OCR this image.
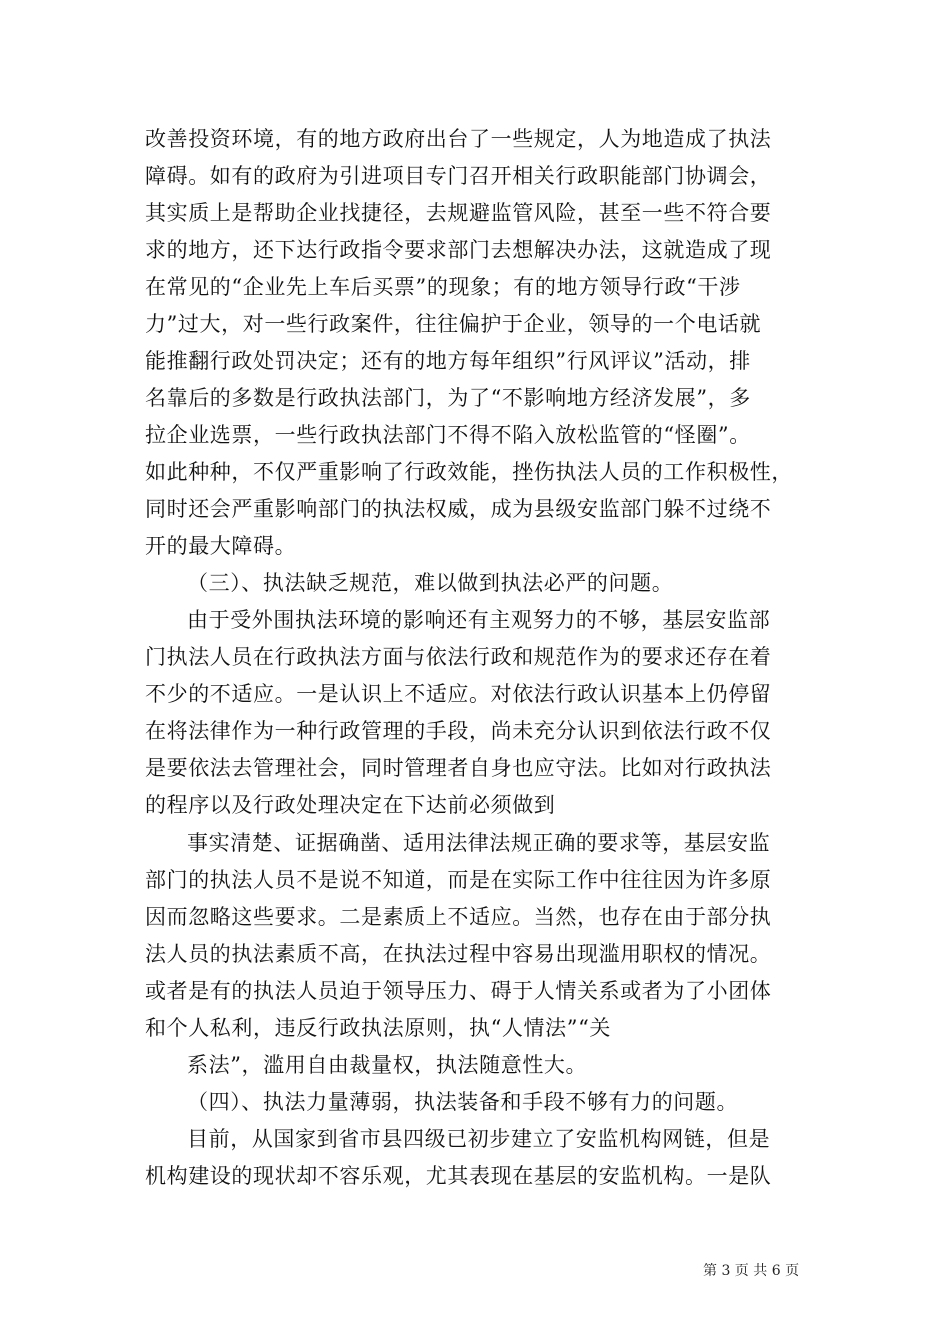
改善投资环境，有的地方政府出台了一些规定，人为地造成了执法
障碍。如有的政府为引进项目专门召开相关行政职能部门协调会，
其实质上是帮助企业找捷径，去规避监管风险，甚至一些不符合要
求的地方，还下达行政指令要求部门去想解决办法，这就造成了现
在常见的“企业先上车后买票”的现象；有的地方领导行政“干涉
力”过大，对一些行政案件，往往偏护于企业，领导的一个电话就
能推翻行政处罚决定；还有的地方每年组织”行风评议”活动，排
名靠后的多数是行政执法部门，为了“不影响地方经济发展”，多
拉企业选票，一些行政执法部门不得不陷入放松监管的“怪圈”。
如此种种，不仅严重影响了行政效能，挫伤执法人员的工作积极性，
同时还会严重影响部门的执法权威，成为县级安监部门躲不过绕不
开的最大障碍。
（三）、执法缺乏规范，难以做到执法必严的问题。
由于受外围执法环境的影响还有主观努力的不够，基层安监部
门执法人员在行政执法方面与依法行政和规范作为的要求还存在着
不少的不适应。一是认识上不适应。对依法行政认识基本上仍停留
在将法律作为一种行政管理的手段，尚未充分认识到依法行政不仅
是要依法去管理社会，同时管理者自身也应守法。比如对行政执法
的程序以及行政处理决定在下达前必须做到
事实清楚、证据确凿、适用法律法规正确的要求等，基层安监
部门的执法人员不是说不知道，而是在实际工作中往往因为许多原
因而忽略这些要求。二是素质上不适应。当然，也存在由于部分执
法人员的执法素质不高，在执法过程中容易出现滥用职权的情况。
或者是有的执法人员迫于领导压力、碍于人情关系或者为了小团体
和个人私利，违反行政执法原则，执“人情法”“关
系法”，滥用自由裁量权，执法随意性大。
（四）、执法力量薄弱，执法装备和手段不够有力的问题。
目前，从国家到省市县四级已初步建立了安监机构网链，但是
机构建设的现状却不容乐观，尤其表现在基层的安监机构。一是队
第 3 页 共 6 页
